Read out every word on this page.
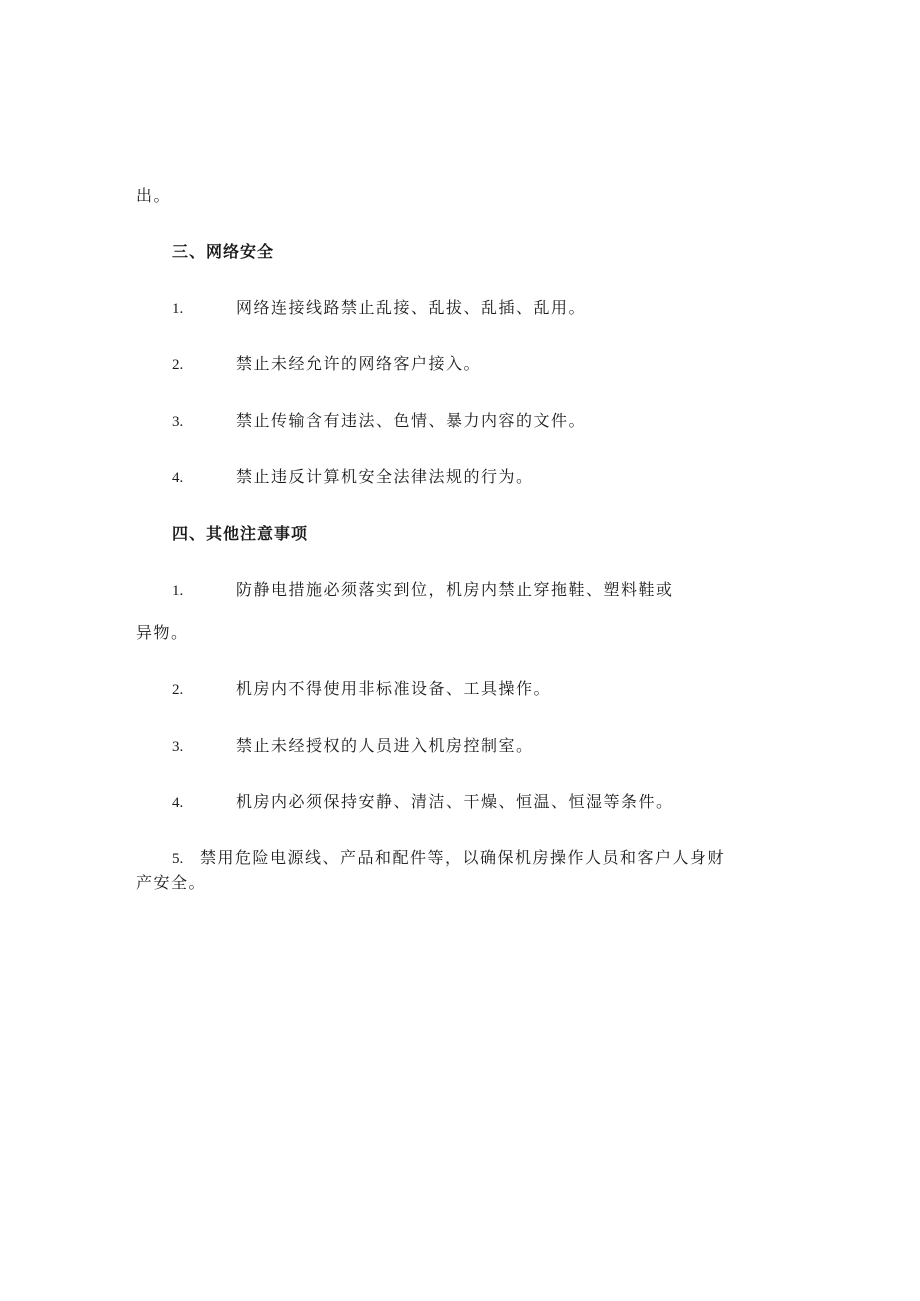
出。
三、网络安全
1.	网络连接线路禁止乱接、乱拔、乱插、乱用。
2.	禁止未经允许的网络客户接入。
3.	禁止传输含有违法、色情、暴力内容的文件。
4.	禁止违反计算机安全法律法规的行为。
四、其他注意事项
1.	防静电措施必须落实到位，机房内禁止穿拖鞋、塑料鞋或
异物。
2.	机房内不得使用非标准设备、工具操作。
3.	禁止未经授权的人员进入机房控制室。
4.	机房内必须保持安静、清洁、干燥、恒温、恒湿等条件。
5. 禁用危险电源线、产品和配件等，以确保机房操作人员和客户人身财
产安全。
